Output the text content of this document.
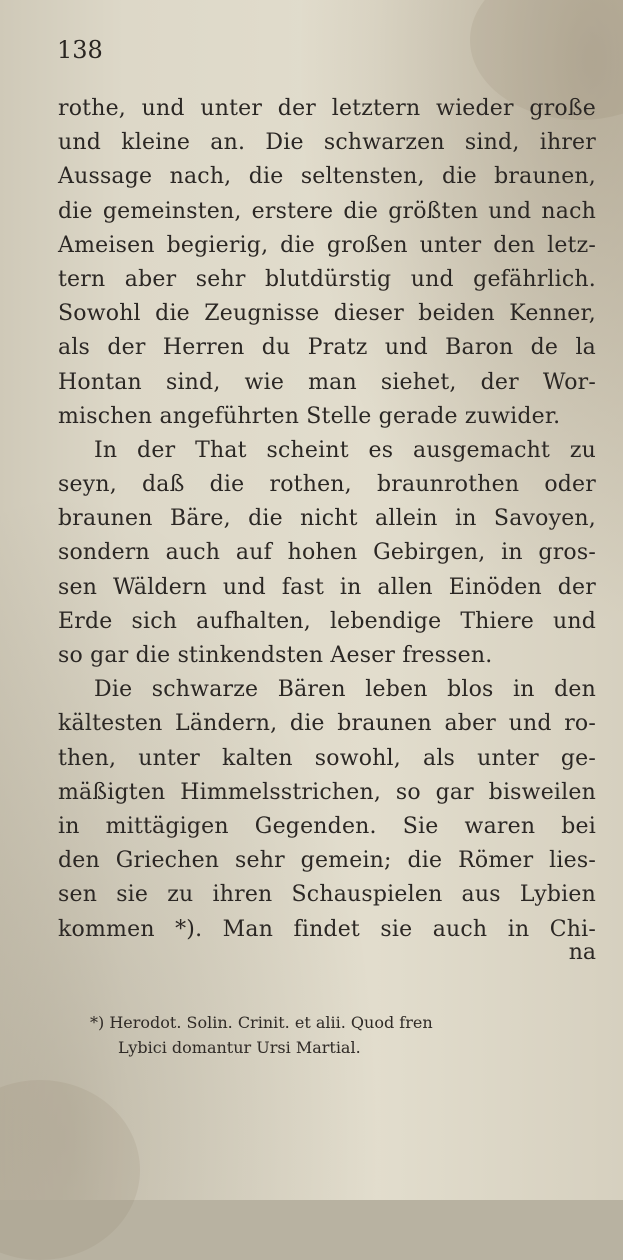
138
rothe, und unter der letztern wieder große
und kleine an. Die schwarzen sind, ihrer
Aussage nach, die seltensten, die braunen,
die gemeinsten, erstere die größten und nach
Ameisen begierig, die großen unter den letz-
tern aber sehr blutdürstig und gefährlich.
Sowohl die Zeugnisse dieser beiden Kenner,
als der Herren du Pratz und Baron de la
Hontan sind, wie man siehet, der Wor-
mischen angeführten Stelle gerade zuwider.
In der That scheint es ausgemacht zu
seyn, daß die rothen, braunrothen oder
braunen Bäre, die nicht allein in Savoyen,
sondern auch auf hohen Gebirgen, in gros-
sen Wäldern und fast in allen Einöden der
Erde sich aufhalten, lebendige Thiere und
so gar die stinkendsten Aeser fressen.
Die schwarze Bären leben blos in den
kältesten Ländern, die braunen aber und ro-
then, unter kalten sowohl, als unter ge-
mäßigten Himmelsstrichen, so gar bisweilen
in mittägigen Gegenden. Sie waren bei
den Griechen sehr gemein; die Römer lies-
sen sie zu ihren Schauspielen aus Lybien
kommen *). Man findet sie auch in Chi-
na
*) Herodot. Solin. Crinit. et alii. Quod fren
Lybici domantur Ursi Martial.
